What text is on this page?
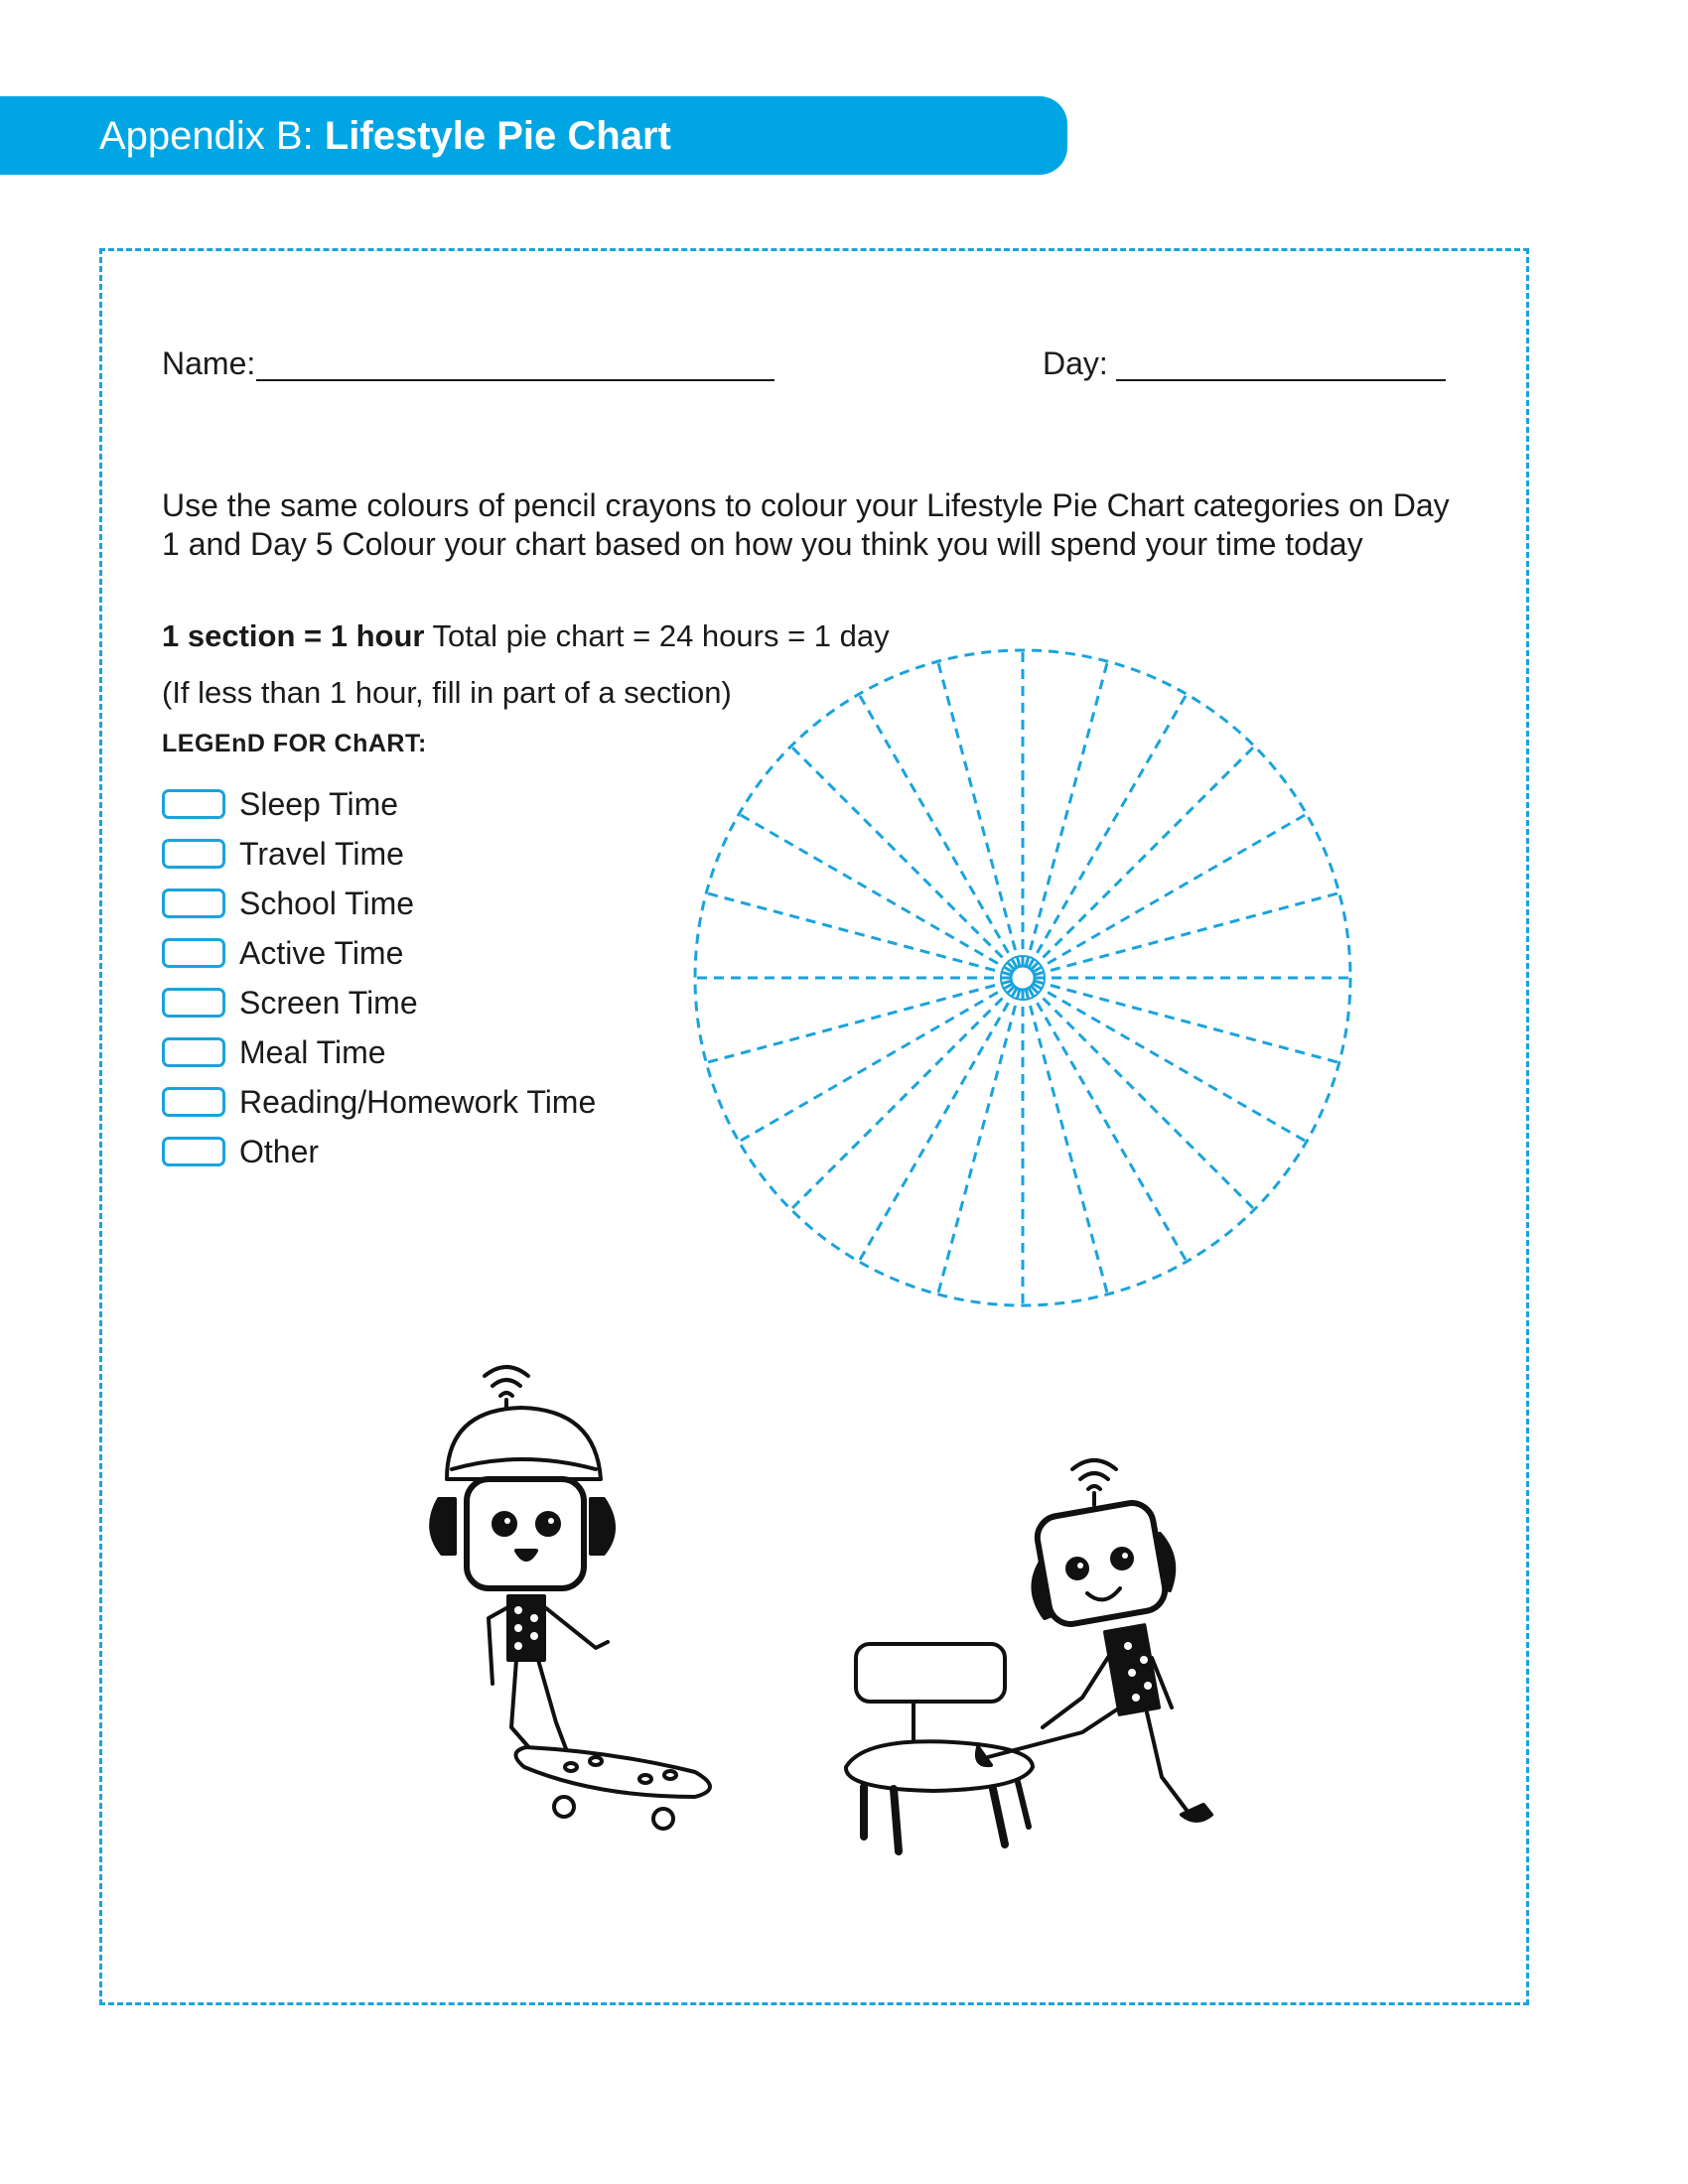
Appendix B: Lifestyle Pie Chart
Name:	Day:
Use the same colours of pencil crayons to colour your Lifestyle Pie Chart categories on Day 1 and Day 5 Colour your chart based on how you think you will spend your time today
1 section = 1 hour Total pie chart = 24 hours = 1 day
(If less than 1 hour, fill in part of a section)
LEGEnD FOR ChART:
Sleep Time
Travel Time
School Time
Active Time
Screen Time
Meal Time
Reading/Homework Time
Other
